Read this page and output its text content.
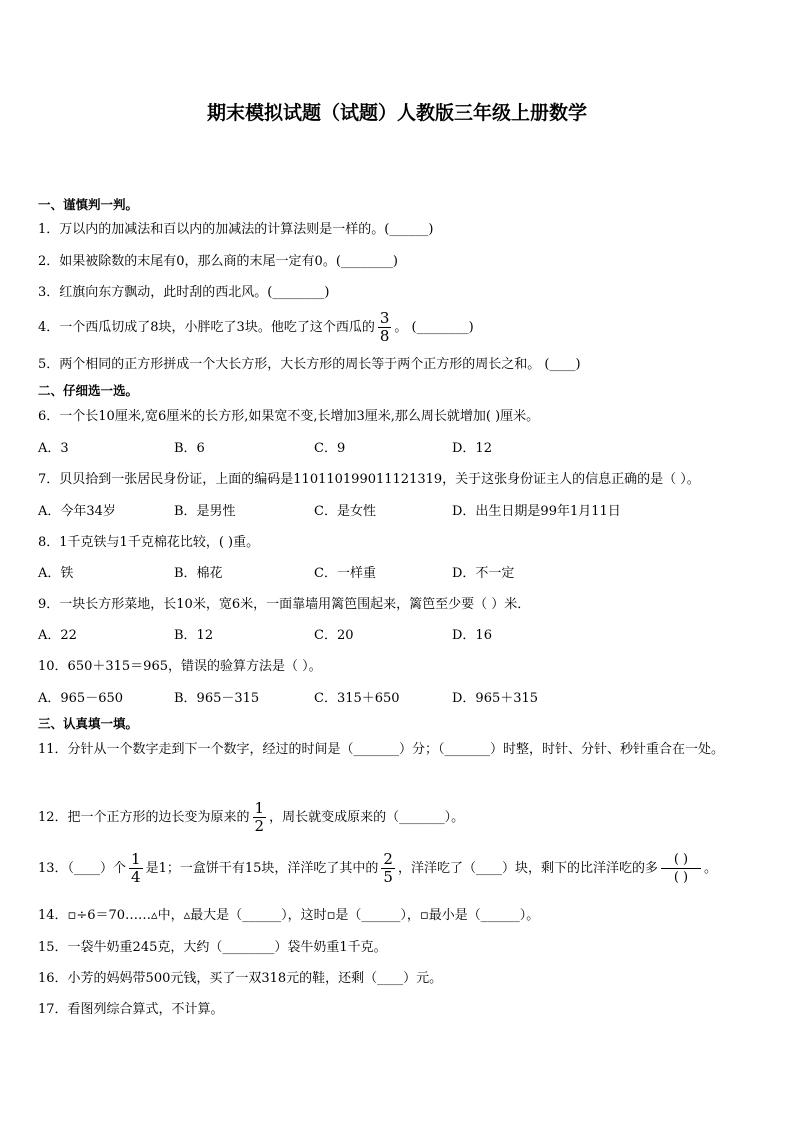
期末模拟试题（试题）人教版三年级上册数学
一、谨慎判一判。
1．万以内的加减法和百以内的加减法的计算法则是一样的。(______)
2．如果被除数的末尾有0，那么商的末尾一定有0。(________)
3．红旗向东方飘动，此时刮的西北风。(________)
4．一个西瓜切成了8块，小胖吃了3块。他吃了这个西瓜的 $\frac{3}{8}$ 。 (________)
5．两个相同的正方形拼成一个大长方形，大长方形的周长等于两个正方形的周长之和。 (____)
二、仔细选一选。
6．一个长10厘米,宽6厘米的长方形,如果宽不变,长增加3厘米,那么周长就增加( )厘米。
A．3	B．6	C．9	D．12
7．贝贝拾到一张居民身份证，上面的编码是110110199011121319，关于这张身份证主人的信息正确的是（ ）。
A．今年34岁	B．是男性	C．是女性	D．出生日期是99年1月11日
8．1千克铁与1千克棉花比较，( )重。
A．铁	B．棉花	C．一样重	D．不一定
9．一块长方形菜地，长10米，宽6米，一面靠墙用篱笆围起来，篱笆至少要（ ）米．
A．22	B．12	C．20	D．16
10．650＋315＝965，错误的验算方法是（ ）。
A．965－650	B．965－315	C．315＋650	D．965＋315
三、认真填一填。
11．分针从一个数字走到下一个数字，经过的时间是（_______）分；（_______）时整，时针、分针、秒针重合在一处。
12．把一个正方形的边长变为原来的 $\frac{1}{2}$ ，周长就变成原来的（_______）。
13．（____）个 $\frac{1}{4}$ 是1；一盒饼干有15块，洋洋吃了其中的 $\frac{2}{5}$ ，洋洋吃了（____）块，剩下的比洋洋吃的多 $\frac{( )}{( )}$ 。
14．▫÷6＝70……▵中，▵最大是（______），这时▫是（______），▫最小是（______）。
15．一袋牛奶重245克，大约（________）袋牛奶重1千克。
16．小芳的妈妈带500元钱，买了一双318元的鞋，还剩（____）元。
17．看图列综合算式，不计算。
